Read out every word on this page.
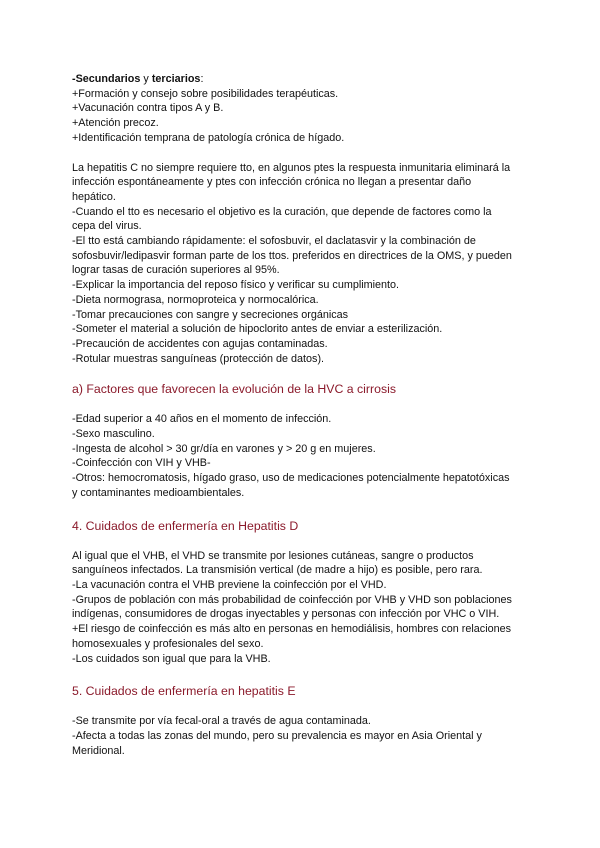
-Secundarios y terciarios:
+Formación y consejo sobre posibilidades terapéuticas.
+Vacunación contra tipos A y B.
+Atención precoz.
+Identificación temprana de patología crónica de hígado.
La hepatitis C no siempre requiere tto, en algunos ptes la respuesta inmunitaria eliminará la
infección espontáneamente y ptes con infección crónica no llegan a presentar daño
hepático.
-Cuando el tto es necesario el objetivo es la curación, que depende de factores como la
cepa del virus.
-El tto está cambiando rápidamente: el sofosbuvir, el daclatasvir y la combinación de
sofosbuvir/ledipasvir forman parte de los ttos. preferidos en directrices de la OMS, y pueden
lograr tasas de curación superiores al 95%.
-Explicar la importancia del reposo físico y verificar su cumplimiento.
-Dieta normograsa, normoproteica y normocalórica.
-Tomar precauciones con sangre y secreciones orgánicas
-Someter el material a solución de hipoclorito antes de enviar a esterilización.
-Precaución de accidentes con agujas contaminadas.
-Rotular muestras sanguíneas (protección de datos).
a) Factores que favorecen la evolución de la HVC a cirrosis
-Edad superior a 40 años en el momento de infección.
-Sexo masculino.
-Ingesta de alcohol > 30 gr/día en varones y > 20 g en mujeres.
-Coinfección con VIH y VHB-
-Otros: hemocromatosis, hígado graso, uso de medicaciones potencialmente hepatotóxicas
y contaminantes medioambientales.
4. Cuidados de enfermería en Hepatitis D
Al igual que el VHB, el VHD se transmite por lesiones cutáneas, sangre o productos
sanguíneos infectados. La transmisión vertical (de madre a hijo) es posible, pero rara.
-La vacunación contra el VHB previene la coinfección por el VHD.
-Grupos de población con más probabilidad de coinfección por VHB y VHD son poblaciones
indígenas, consumidores de drogas inyectables y personas con infección por VHC o VIH.
+El riesgo de coinfección es más alto en personas en hemodiálisis, hombres con relaciones
homosexuales y profesionales del sexo.
-Los cuidados son igual que para la VHB.
5. Cuidados de enfermería en hepatitis E
-Se transmite por vía fecal-oral a través de agua contaminada.
-Afecta a todas las zonas del mundo, pero su prevalencia es mayor en Asia Oriental y
Meridional.
